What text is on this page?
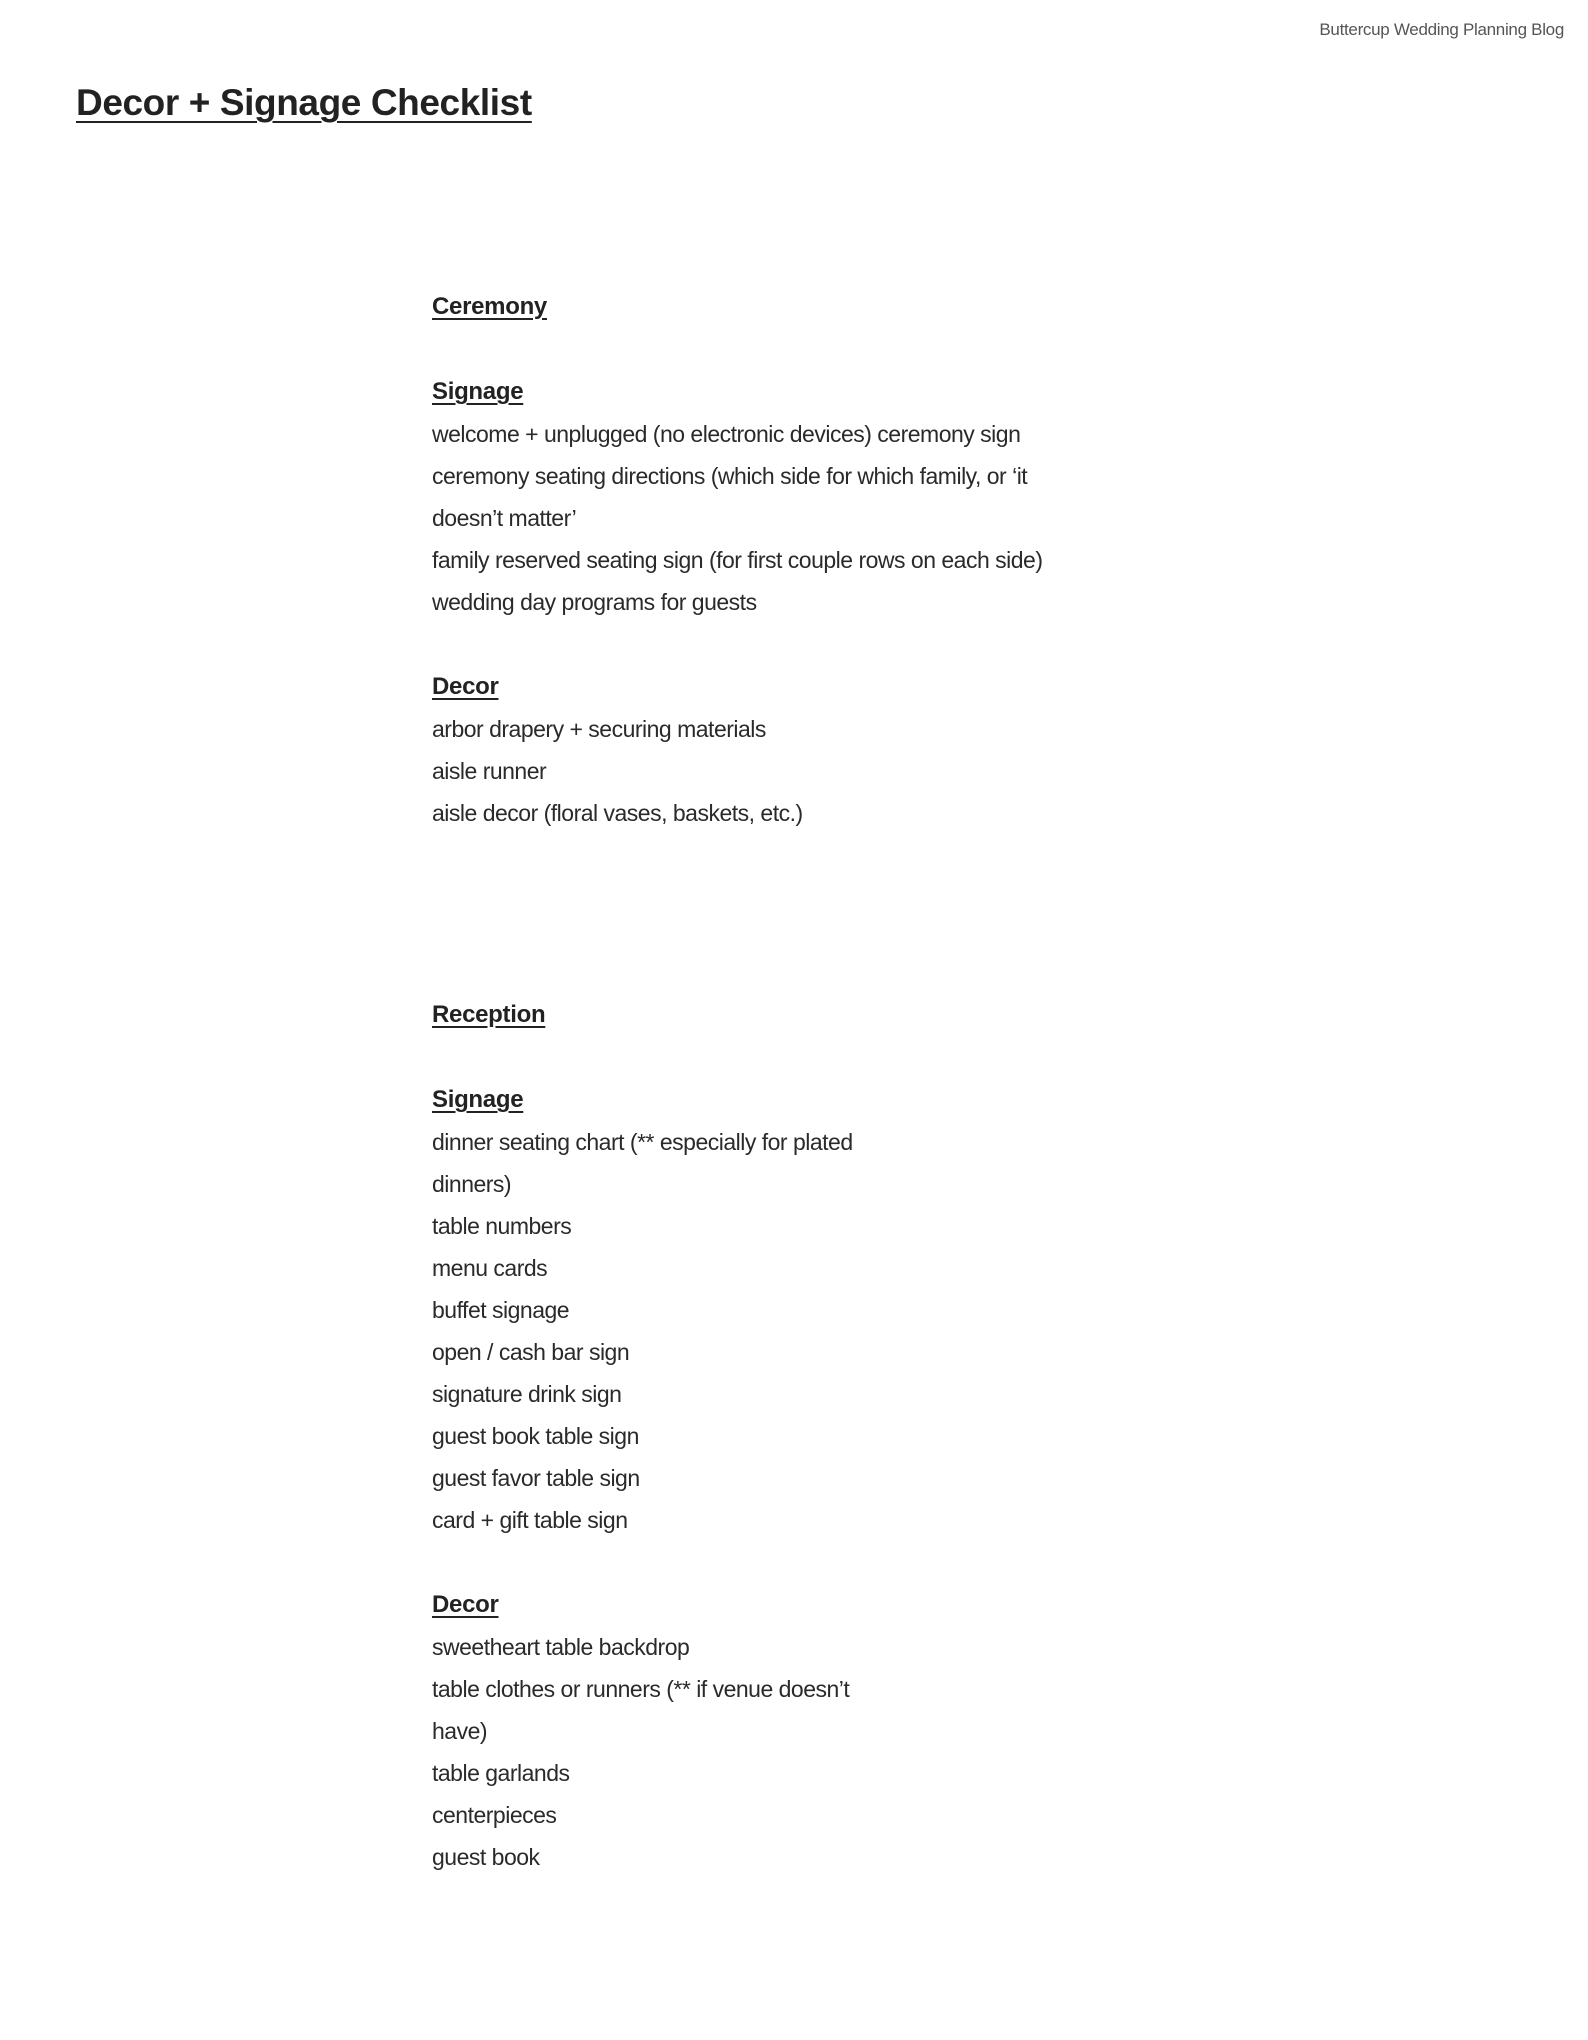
Buttercup Wedding Planning Blog
Decor + Signage Checklist
Ceremony
Signage
welcome + unplugged (no electronic devices) ceremony sign
ceremony seating directions (which side for which family, or ‘it
doesn’t matter’
family reserved seating sign (for first couple rows on each side)
wedding day programs for guests
Decor
arbor drapery + securing materials
aisle runner
aisle decor (floral vases, baskets, etc.)
Reception
Signage
dinner seating chart (** especially for plated
dinners)
table numbers
menu cards
buffet signage
open / cash bar sign
signature drink sign
guest book table sign
guest favor table sign
card + gift table sign
Decor
sweetheart table backdrop
table clothes or runners (** if venue doesn’t
have)
table garlands
centerpieces
guest book
